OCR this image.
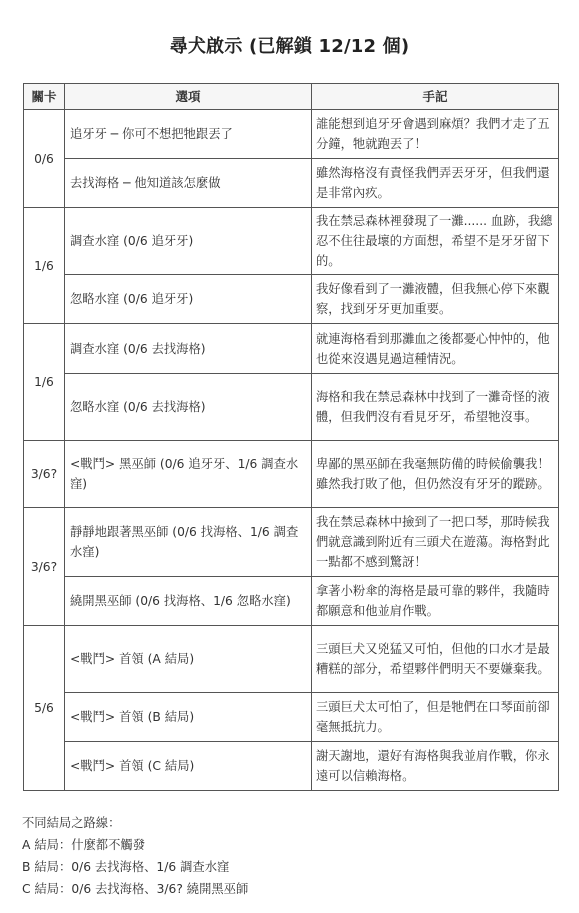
尋犬啟示 (已解鎖 12/12 個)
關卡	選項	手記
0/6	追牙牙 ─ 你可不想把牠跟丟了	誰能想到追牙牙會遇到麻煩？我們才走了五分鐘，牠就跑丟了！
	去找海格 ─ 他知道該怎麼做	雖然海格沒有責怪我們弄丟牙牙，但我們還是非常內疚。
1/6	調查水窪 (0/6 追牙牙)	我在禁忌森林裡發現了一灘...... 血跡，我總忍不住往最壞的方面想，希望不是牙牙留下的。
	忽略水窪 (0/6 追牙牙)	我好像看到了一灘液體，但我無心停下來觀察，找到牙牙更加重要。
1/6	調查水窪 (0/6 去找海格)	就連海格看到那灘血之後都憂心忡忡的，他也從來沒遇見過這種情況。
	忽略水窪 (0/6 去找海格)	海格和我在禁忌森林中找到了一灘奇怪的液體，但我們沒有看見牙牙，希望牠沒事。
3/6?	<戰鬥> 黑巫師 (0/6 追牙牙、1/6 調查水窪)	卑鄙的黑巫師在我毫無防備的時候偷襲我！雖然我打敗了他，但仍然沒有牙牙的蹤跡。
3/6?	靜靜地跟著黑巫師 (0/6 找海格、1/6 調查水窪)	我在禁忌森林中撿到了一把口琴，那時候我們就意識到附近有三頭犬在遊蕩。海格對此一點都不感到驚訝！
	繞開黑巫師 (0/6 找海格、1/6 忽略水窪)	拿著小粉傘的海格是最可靠的夥伴，我隨時都願意和他並肩作戰。
5/6	<戰鬥> 首領 (A 結局)	三頭巨犬又兇猛又可怕，但他的口水才是最糟糕的部分，希望夥伴們明天不要嫌棄我。
	<戰鬥> 首領 (B 結局)	三頭巨犬太可怕了，但是牠們在口琴面前卻毫無抵抗力。
	<戰鬥> 首領 (C 結局)	謝天謝地，還好有海格與我並肩作戰，你永遠可以信賴海格。
不同結局之路線：
A 結局：什麼都不觸發
B 結局：0/6 去找海格、1/6 調查水窪
C 結局：0/6 去找海格、3/6? 繞開黑巫師
